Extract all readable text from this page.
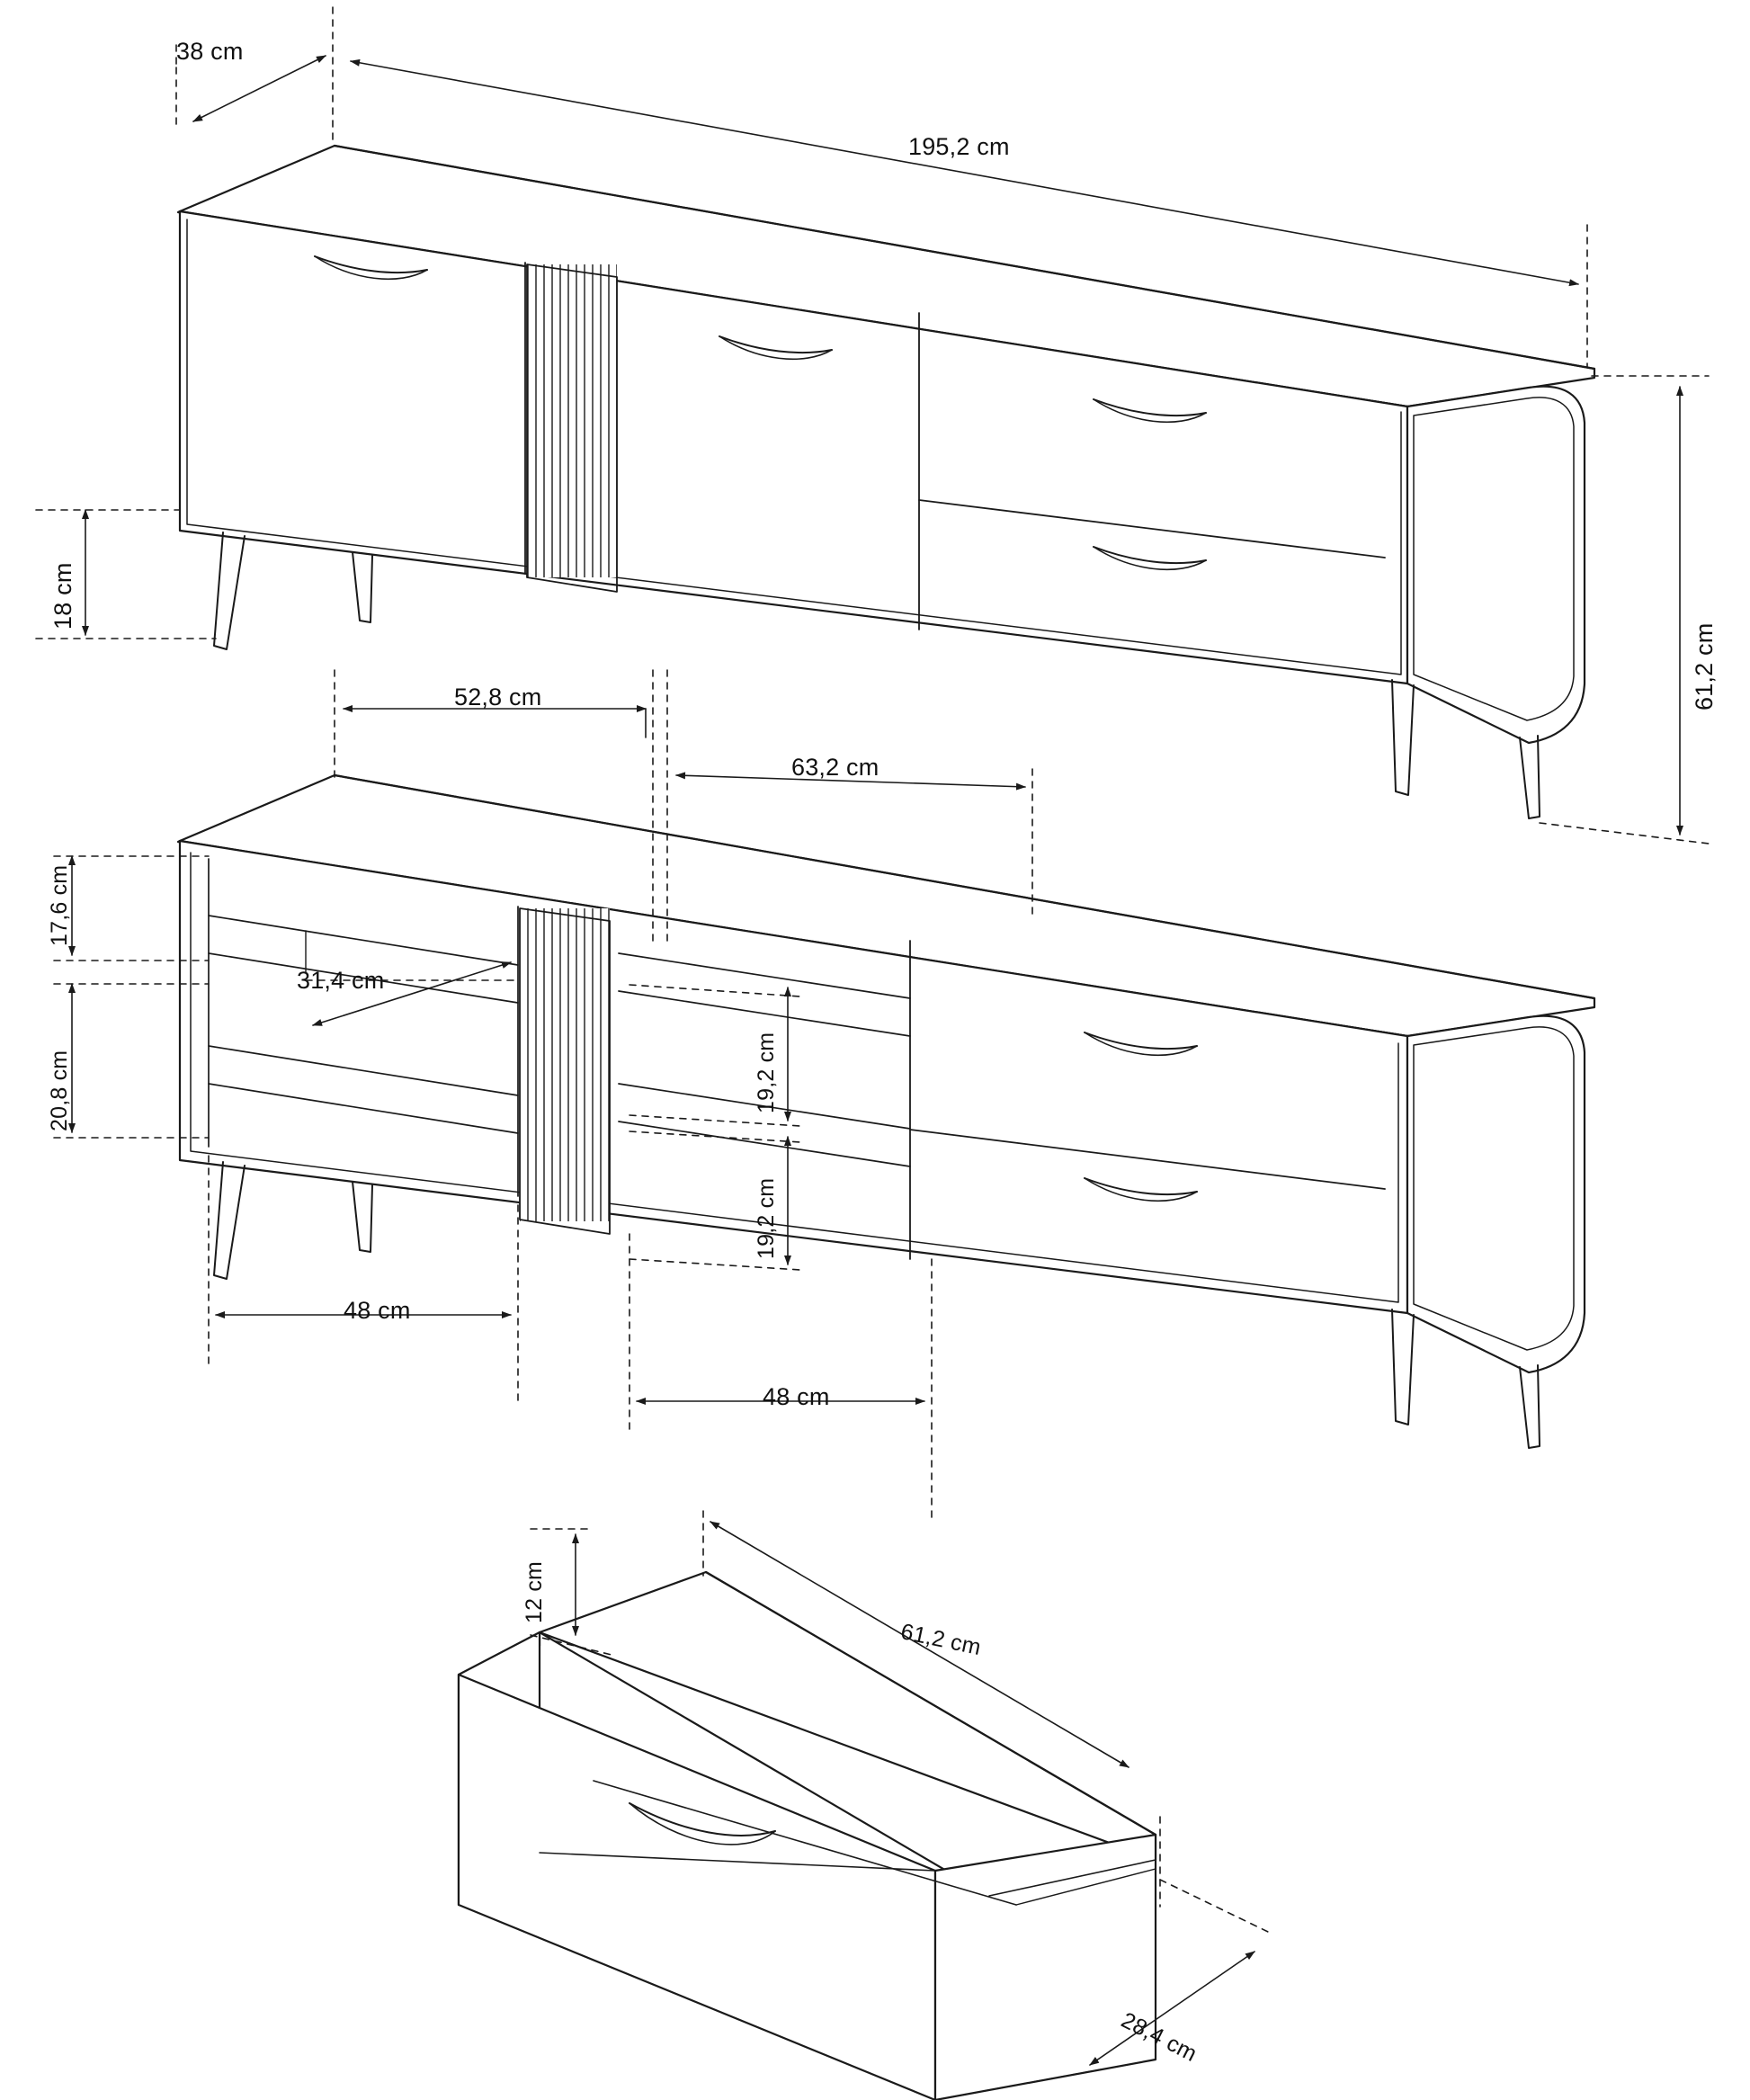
38 cm
195,2 cm
18 cm
61,2 cm
52,8 cm
63,2 cm
17,6 cm
20,8 cm
31,4 cm
19,2 cm
19,2 cm
48 cm
48 cm
12 cm
61,2 cm
28,4 cm
